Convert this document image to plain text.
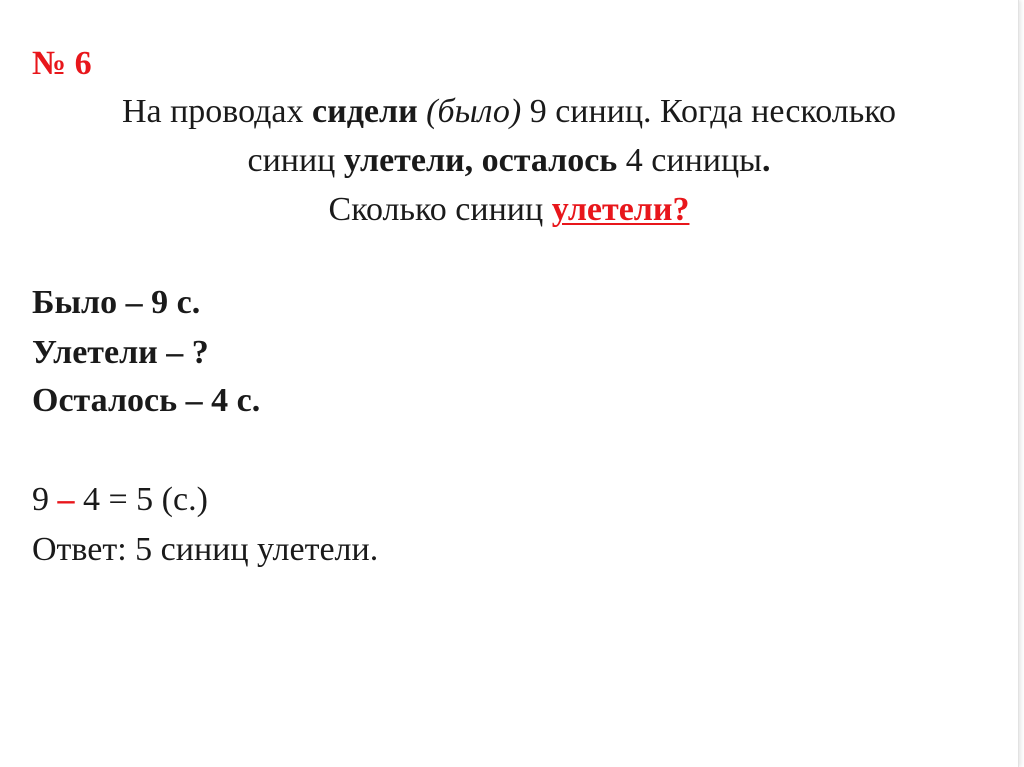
№ 6
На проводах сидели (было) 9 синиц. Когда несколько
синиц улетели, осталось 4 синицы.
Сколько синиц улетели?
Было – 9 с.
Улетели – ?
Осталось – 4 с.
9 – 4 = 5 (с.)
Ответ: 5 синиц улетели.
